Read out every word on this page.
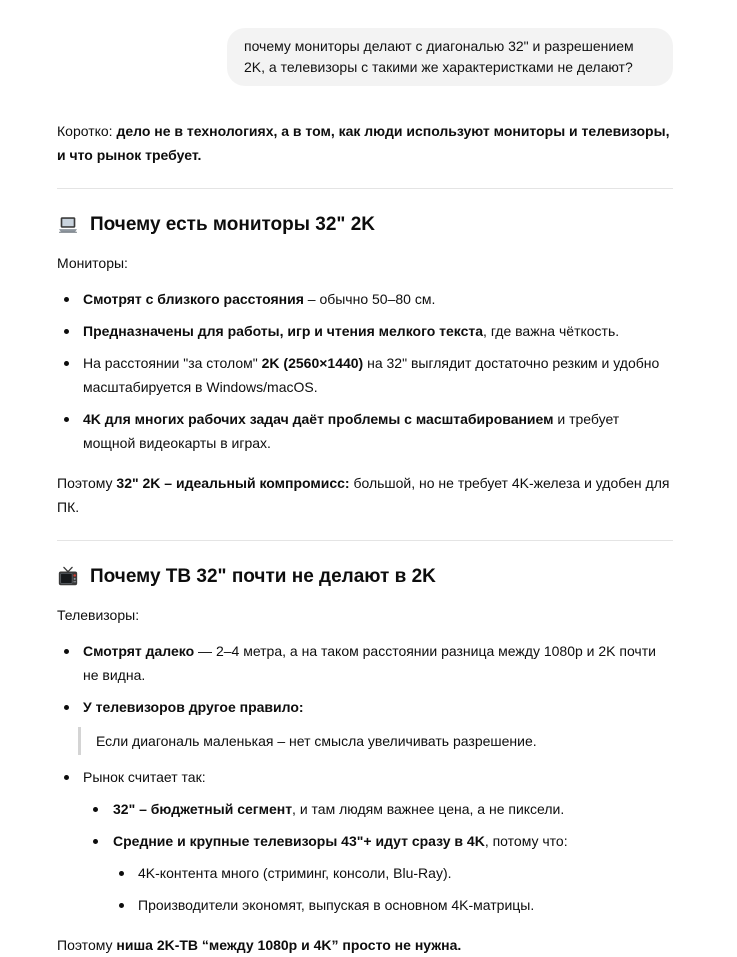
почему мониторы делают с диагональю 32" и разрешением 2K, а телевизоры с такими же характеристками не делают?

Коротко: дело не в технологиях, а в том, как люди используют мониторы и телевизоры, и что рынок требует.

Почему есть мониторы 32" 2K

Мониторы:

Смотрят с близкого расстояния – обычно 50–80 см.
Предназначены для работы, игр и чтения мелкого текста, где важна чёткость.
На расстоянии "за столом" 2K (2560×1440) на 32" выглядит достаточно резким и удобно масштабируется в Windows/macOS.
4K для многих рабочих задач даёт проблемы с масштабированием и требует мощной видеокарты в играх.

Поэтому 32" 2K – идеальный компромисс: большой, но не требует 4K-железа и удобен для ПК.

Почему ТВ 32" почти не делают в 2K

Телевизоры:

Смотрят далеко — 2–4 метра, а на таком расстоянии разница между 1080p и 2K почти не видна.
У телевизоров другое правило:
Если диагональ маленькая – нет смысла увеличивать разрешение.
Рынок считает так:
32" – бюджетный сегмент, и там людям важнее цена, а не пиксели.
Средние и крупные телевизоры 43"+ идут сразу в 4K, потому что:
4K-контента много (стриминг, консоли, Blu-Ray).
Производители экономят, выпуская в основном 4K-матрицы.

Поэтому ниша 2K-ТВ “между 1080p и 4K” просто не нужна.
